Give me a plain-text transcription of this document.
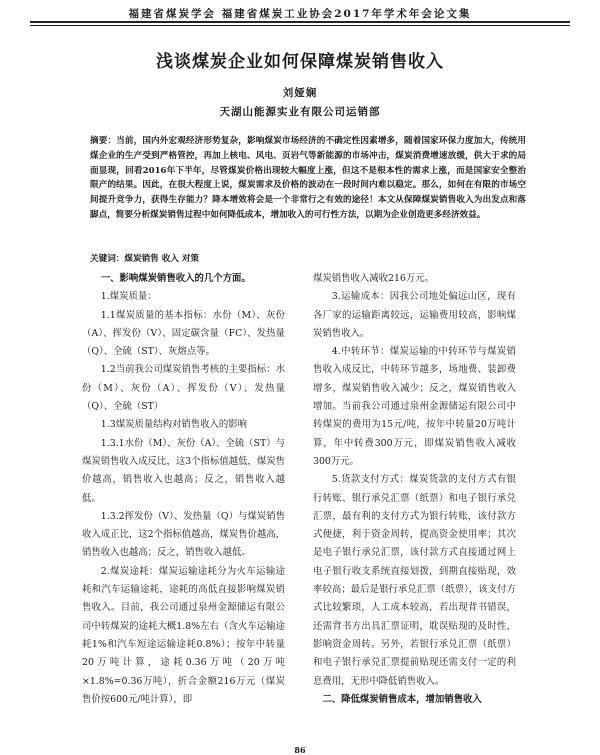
福建省煤炭学会 福建省煤炭工业协会2017年学术年会论文集
浅谈煤炭企业如何保障煤炭销售收入
刘娅娴
天湖山能源实业有限公司运销部
摘要：当前，国内外宏观经济形势复杂，影响煤炭市场经济的不确定性因素增多，随着国家环保力度加大，传统用煤企业的生产受到严格管控，再加上核电、风电、页岩气等新能源的市场冲击，煤炭消费增速放缓，供大于求的局面显现，回看2016年下半年，尽管煤炭价格出现较大幅度上涨，但这不是根本性的需求上涨，而是国家安全整治限产的结果。因此，在很大程度上说，煤炭需求及价格的波动在一段时间内难以稳定。那么，如何在有限的市场空间提升竞争力，获得生存能力？降本增效将会是一个非常行之有效的途径！本文从保障煤炭销售收入为出发点和落脚点，简要分析煤炭销售过程中如何降低成本，增加收入的可行性方法，以期为企业创造更多经济效益。
关键词：煤炭销售 收入 对策

一、影响煤炭销售收入的几个方面。

1.煤炭质量：

1.1煤炭质量的基本指标：水份（M）、灰份（A）、挥发份（V）、固定碳含量（FC）、发热量（Q）、全硫（ST）、灰熔点等。

1.2当前我公司煤炭销售考核的主要指标：水份（M）、灰份（A）、挥发份（V）、发热量（Q）、全硫（ST）

1.3煤炭质量结构对销售收入的影响

1.3.1水份（M）、灰份（A）、全硫（ST）与煤炭销售收入成反比，这3个指标值越低，煤炭售价越高，销售收入也越高；反之，销售收入越低。

1.3.2挥发份（V）、发热量（Q）与煤炭销售收入成正比，这2个指标值越高，煤炭售价越高，销售收入也越高；反之，销售收入越低。

2.煤炭途耗：煤炭运输途耗分为火车运输途耗和汽车运输途耗，途耗的高低直接影响煤炭销售收入。目前，我公司通过泉州金源储运有限公司中转煤炭的途耗大概1.8%左右（含火车运输途耗1%和汽车短途运输途耗0.8%）；按年中转量20万吨计算，途耗0.36万吨（20万吨×1.8%=0.36万吨），折合金额216万元（煤炭售价按600元/吨计算），即

煤炭销售收入减收216万元。

3.运输成本：因我公司地处偏远山区，现有各厂家的运输距离较远，运输费用较高，影响煤炭销售收入。

4.中转环节：煤炭运输的中转环节与煤炭销售收入成反比，中转环节越多，场地费、装卸费增多，煤炭销售收入减少；反之，煤炭销售收入增加。当前我公司通过泉州金源储运有限公司中转煤炭的费用为15元/吨，按年中转量20万吨计算，年中转费300万元，即煤炭销售收入减收300万元。

5.货款支付方式：煤炭货款的支付方式有银行转账、银行承兑汇票（纸票）和电子银行承兑汇票，最有利的支付方式为银行转账，该付款方式便捷，利于资金周转，提高资金使用率；其次是电子银行承兑汇票，该付款方式直接通过网上电子银行收支系统直接划拨，到期直接贴现，效率较高；最后是银行承兑汇票（纸票），该支付方式比较繁琐，人工成本较高，若出现背书错误，还需背书方出具汇票证明，耽误贴现的及时性，影响资金周转。另外，若银行承兑汇票（纸票）和电子银行承兑汇票提前贴现还需支付一定的利息费用，无形中降低销售收入。

二、降低煤炭销售成本，增加销售收入

86
